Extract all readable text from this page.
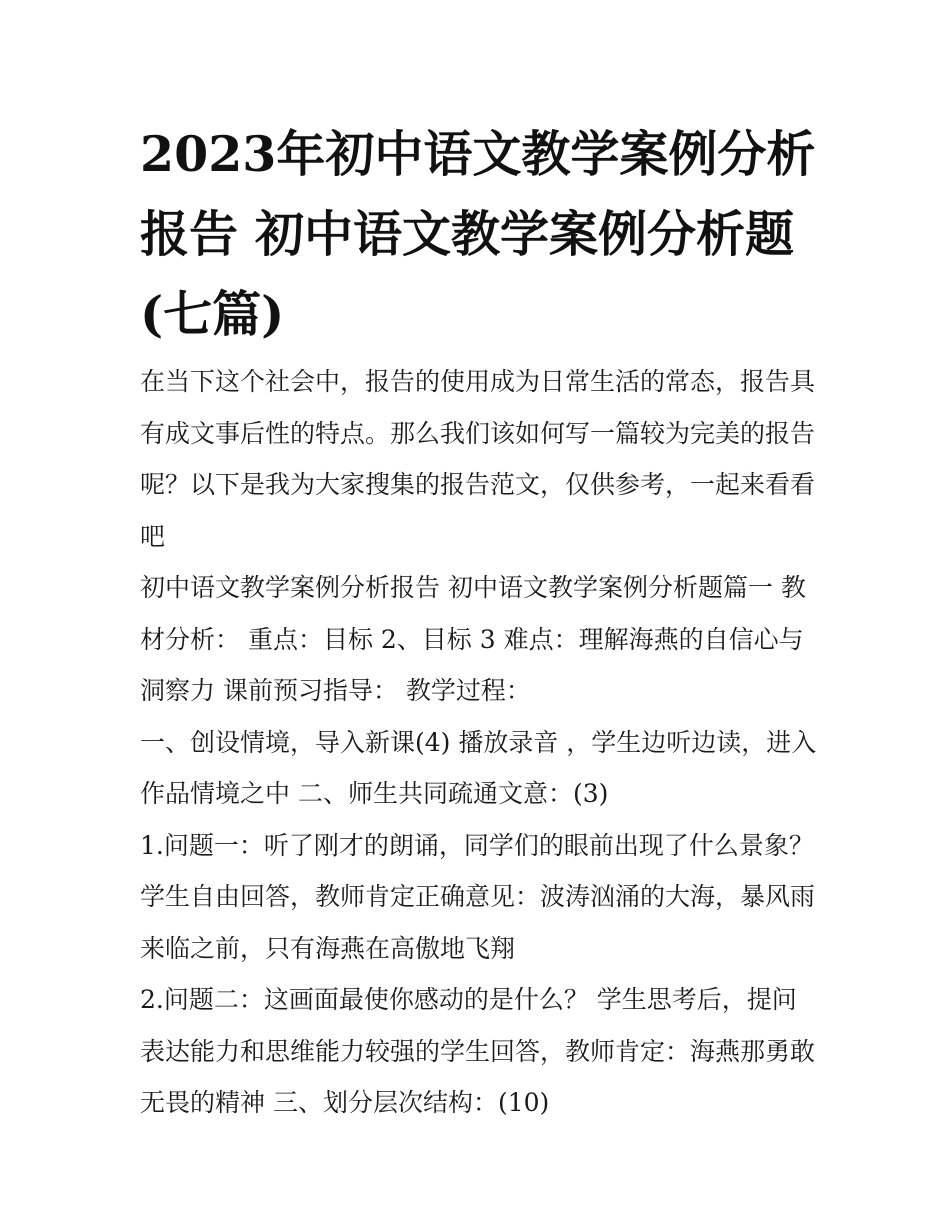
2023年初中语文教学案例分析报告 初中语文教学案例分析题(七篇)

在当下这个社会中，报告的使用成为日常生活的常态，报告具有成文事后性的特点。那么我们该如何写一篇较为完美的报告呢？以下是我为大家搜集的报告范文，仅供参考，一起来看看吧

初中语文教学案例分析报告 初中语文教学案例分析题篇一 教材分析： 重点：目标 2、目标 3 难点：理解海燕的自信心与洞察力 课前预习指导： 教学过程：

一、创设情境，导入新课(4) 播放录音 ，学生边听边读，进入作品情境之中 二、师生共同疏通文意：(3)

1.问题一：听了刚才的朗诵，同学们的眼前出现了什么景象？学生自由回答，教师肯定正确意见：波涛汹涌的大海，暴风雨来临之前，只有海燕在高傲地飞翔

2.问题二：这画面最使你感动的是什么？ 学生思考后，提问表达能力和思维能力较强的学生回答，教师肯定：海燕那勇敢无畏的精神 三、划分层次结构：(10)
